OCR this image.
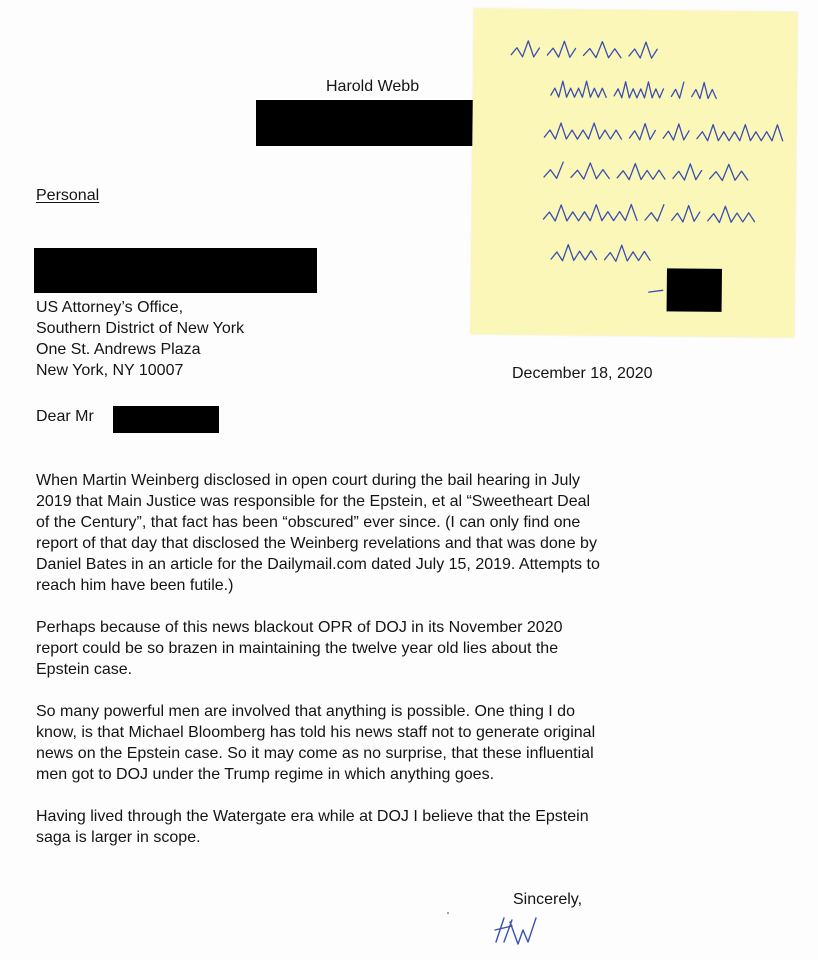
Harold Webb
Personal
US Attorney’s Office,
Southern District of New York
One St. Andrews Plaza
New York, NY 10007	December 18, 2020
Dear Mr
When Martin Weinberg disclosed in open court during the bail hearing in July
2019 that Main Justice was responsible for the Epstein, et al “Sweetheart Deal
of the Century”, that fact has been “obscured” ever since. (I can only find one
report of that day that disclosed the Weinberg revelations and that was done by
Daniel Bates in an article for the Dailymail.com dated July 15, 2019. Attempts to
reach him have been futile.)
Perhaps because of this news blackout OPR of DOJ in its November 2020
report could be so brazen in maintaining the twelve year old lies about the
Epstein case.
So many powerful men are involved that anything is possible. One thing I do
know, is that Michael Bloomberg has told his news staff not to generate original
news on the Epstein case. So it may come as no surprise, that these influential
men got to DOJ under the Trump regime in which anything goes.
Having lived through the Watergate era while at DOJ I believe that the Epstein
saga is larger in scope.
Sincerely,
For the file ...
Helpfully alerting us that
Epstein's NPA was negotiated
by DOJ, which has been
“obscured” by the media
since 2019.
